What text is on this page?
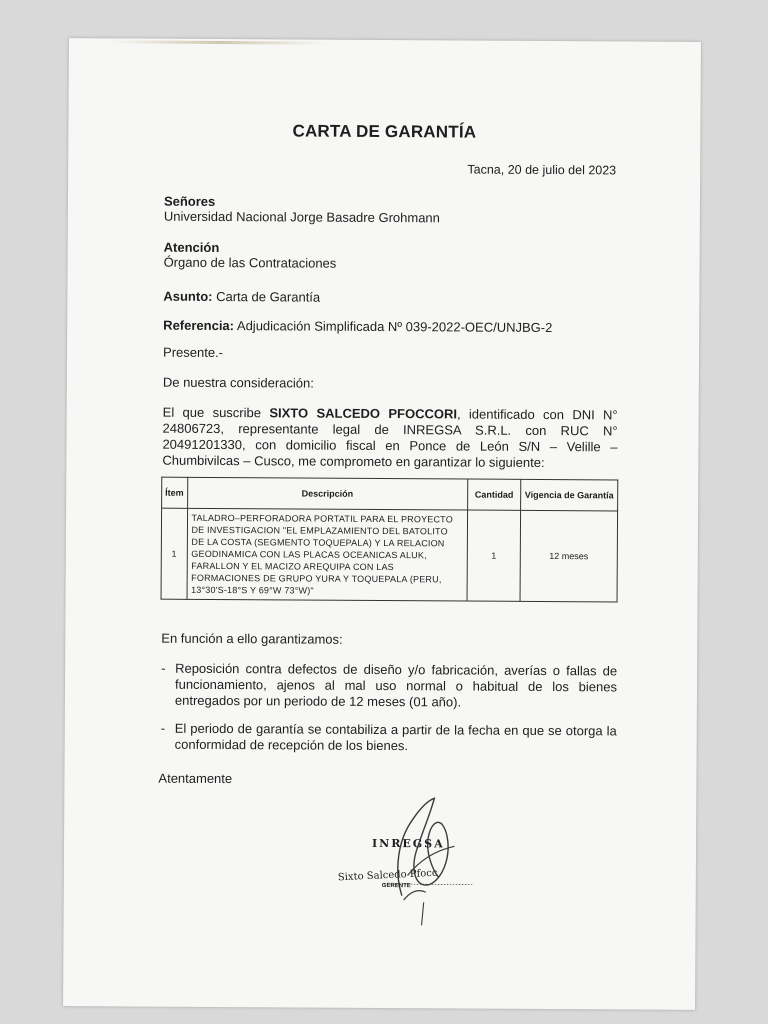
CARTA DE GARANTÍA
Tacna, 20 de julio del 2023
Señores
Universidad Nacional Jorge Basadre Grohmann
Atención
Órgano de las Contrataciones
Asunto: Carta de Garantía
Referencia: Adjudicación Simplificada Nº 039-2022-OEC/UNJBG-2
Presente.-
De nuestra consideración:
El que suscribe SIXTO SALCEDO PFOCCORI, identificado con DNI N° 24806723, representante legal de INREGSA S.R.L. con RUC N° 20491201330, con domicilio fiscal en Ponce de León S/N – Velille – Chumbivilcas – Cusco, me comprometo en garantizar lo siguiente:
Ítem	Descripción	Cantidad	Vigencia de Garantía
1	TALADRO–PERFORADORA PORTATIL PARA EL PROYECTO DE INVESTIGACION "EL EMPLAZAMIENTO DEL BATOLITO DE LA COSTA (SEGMENTO TOQUEPALA) Y LA RELACION GEODINAMICA CON LAS PLACAS OCEANICAS ALUK, FARALLON Y EL MACIZO AREQUIPA CON LAS FORMACIONES DE GRUPO YURA Y TOQUEPALA (PERU, 13°30'S-18°S Y 69°W 73°W)"	1	12 meses
En función a ello garantizamos:
- Reposición contra defectos de diseño y/o fabricación, averías o fallas de funcionamiento, ajenos al mal uso normal o habitual de los bienes entregados por un periodo de 12 meses (01 año).
- El periodo de garantía se contabiliza a partir de la fecha en que se otorga la conformidad de recepción de los bienes.
Atentamente
INREGSA
Sixto Salcedo Pfocc
GERENTE
